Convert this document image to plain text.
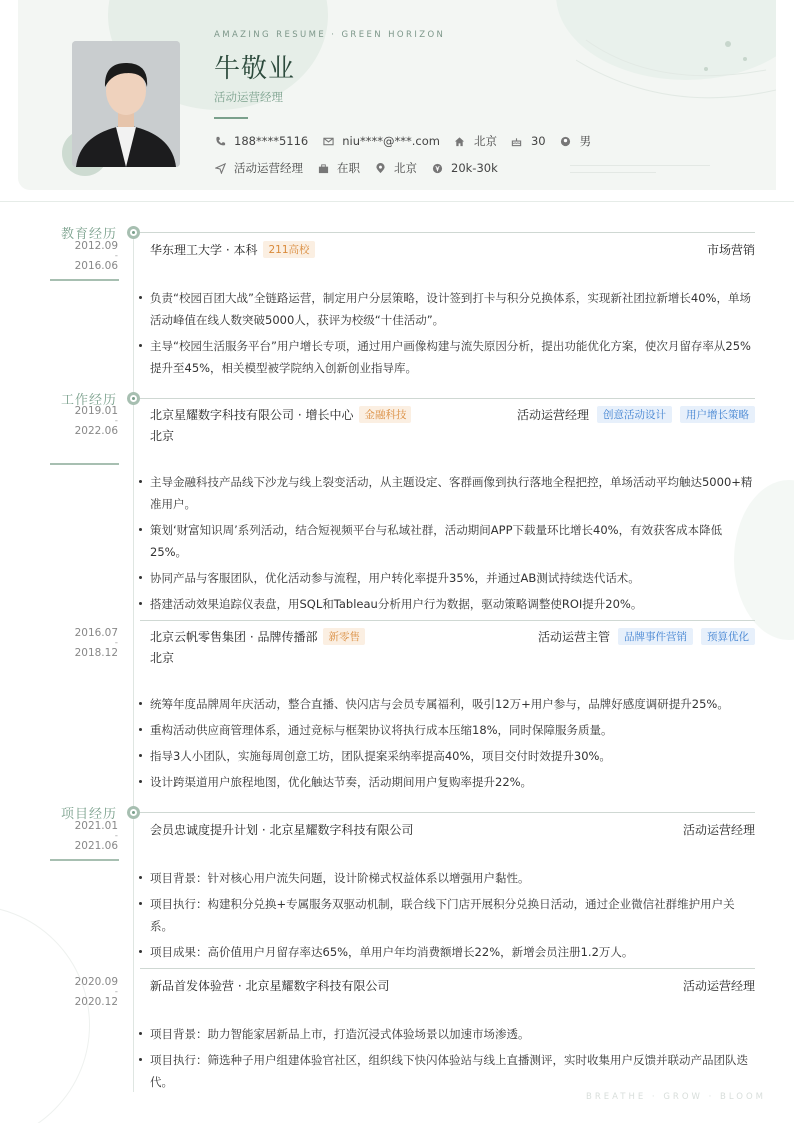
AMAZING RESUME · GREEN HORIZON
牛敬业
活动运营经理
188****5116	niu****@***.com	北京	30	男
活动运营经理	在职	北京	20k-30k
教育经历
2012.09
-
2016.06
华东理工大学 · 本科	211高校	市场营销
负责“校园百团大战”全链路运营，制定用户分层策略，设计签到打卡与积分兑换体系，实现新社团拉新增长40%，单场活动峰值在线人数突破5000人，获评为校级“十佳活动”。
主导“校园生活服务平台”用户增长专项，通过用户画像构建与流失原因分析，提出功能优化方案，使次月留存率从25%提升至45%，相关模型被学院纳入创新创业指导库。
工作经历
2019.01
-
2022.06
北京星耀数字科技有限公司 · 增长中心	金融科技	活动运营经理	创意活动设计	用户增长策略
北京
主导金融科技产品线下沙龙与线上裂变活动，从主题设定、客群画像到执行落地全程把控，单场活动平均触达5000+精准用户。
策划‘财富知识周’系列活动，结合短视频平台与私域社群，活动期间APP下载量环比增长40%，有效获客成本降低25%。
协同产品与客服团队，优化活动参与流程，用户转化率提升35%，并通过AB测试持续迭代话术。
搭建活动效果追踪仪表盘，用SQL和Tableau分析用户行为数据，驱动策略调整使ROI提升20%。
2016.07
-
2018.12
北京云帆零售集团 · 品牌传播部	新零售	活动运营主管	品牌事件营销	预算优化
北京
统筹年度品牌周年庆活动，整合直播、快闪店与会员专属福利，吸引12万+用户参与，品牌好感度调研提升25%。
重构活动供应商管理体系，通过竞标与框架协议将执行成本压缩18%，同时保障服务质量。
指导3人小团队，实施每周创意工坊，团队提案采纳率提高40%，项目交付时效提升30%。
设计跨渠道用户旅程地图，优化触达节奏，活动期间用户复购率提升22%。
项目经历
2021.01
-
2021.06
会员忠诚度提升计划 · 北京星耀数字科技有限公司	活动运营经理
项目背景：针对核心用户流失问题，设计阶梯式权益体系以增强用户黏性。
项目执行：构建积分兑换+专属服务双驱动机制，联合线下门店开展积分兑换日活动，通过企业微信社群维护用户关系。
项目成果：高价值用户月留存率达65%，单用户年均消费额增长22%，新增会员注册1.2万人。
2020.09
-
2020.12
新品首发体验营 · 北京星耀数字科技有限公司	活动运营经理
项目背景：助力智能家居新品上市，打造沉浸式体验场景以加速市场渗透。
项目执行：筛选种子用户组建体验官社区，组织线下快闪体验站与线上直播测评，实时收集用户反馈并联动产品团队迭代。
BREATHE · GROW · BLOOM
